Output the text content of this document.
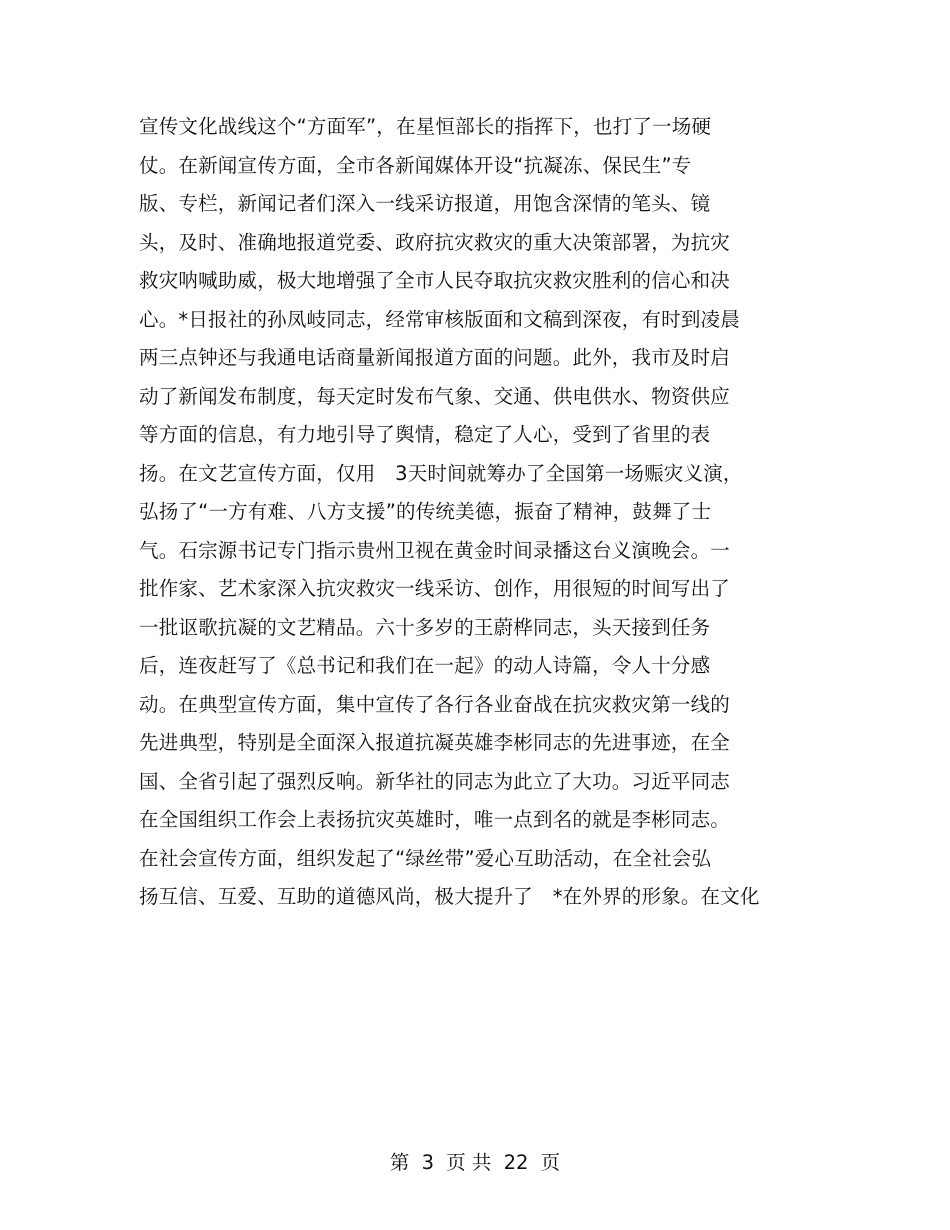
宣传文化战线这个“方面军”，在星恒部长的指挥下，也打了一场硬
仗。在新闻宣传方面，全市各新闻媒体开设“抗凝冻、保民生”专
版、专栏，新闻记者们深入一线采访报道，用饱含深情的笔头、镜
头，及时、准确地报道党委、政府抗灾救灾的重大决策部署，为抗灾
救灾呐喊助威，极大地增强了全市人民夺取抗灾救灾胜利的信心和决
心。*日报社的孙凤岐同志，经常审核版面和文稿到深夜，有时到凌晨
两三点钟还与我通电话商量新闻报道方面的问题。此外，我市及时启
动了新闻发布制度，每天定时发布气象、交通、供电供水、物资供应
等方面的信息，有力地引导了舆情，稳定了人心，受到了省里的表
扬。在文艺宣传方面，仅用　3天时间就筹办了全国第一场赈灾义演，
弘扬了“一方有难、八方支援”的传统美德，振奋了精神，鼓舞了士
气。石宗源书记专门指示贵州卫视在黄金时间录播这台义演晚会。一
批作家、艺术家深入抗灾救灾一线采访、创作，用很短的时间写出了
一批讴歌抗凝的文艺精品。六十多岁的王蔚桦同志，头天接到任务
后，连夜赶写了《总书记和我们在一起》的动人诗篇，令人十分感
动。在典型宣传方面，集中宣传了各行各业奋战在抗灾救灾第一线的
先进典型，特别是全面深入报道抗凝英雄李彬同志的先进事迹，在全
国、全省引起了强烈反响。新华社的同志为此立了大功。习近平同志
在全国组织工作会上表扬抗灾英雄时，唯一点到名的就是李彬同志。
在社会宣传方面，组织发起了“绿丝带”爱心互助活动，在全社会弘
扬互信、互爱、互助的道德风尚，极大提升了　*在外界的形象。在文化
第 3 页 共 22 页
